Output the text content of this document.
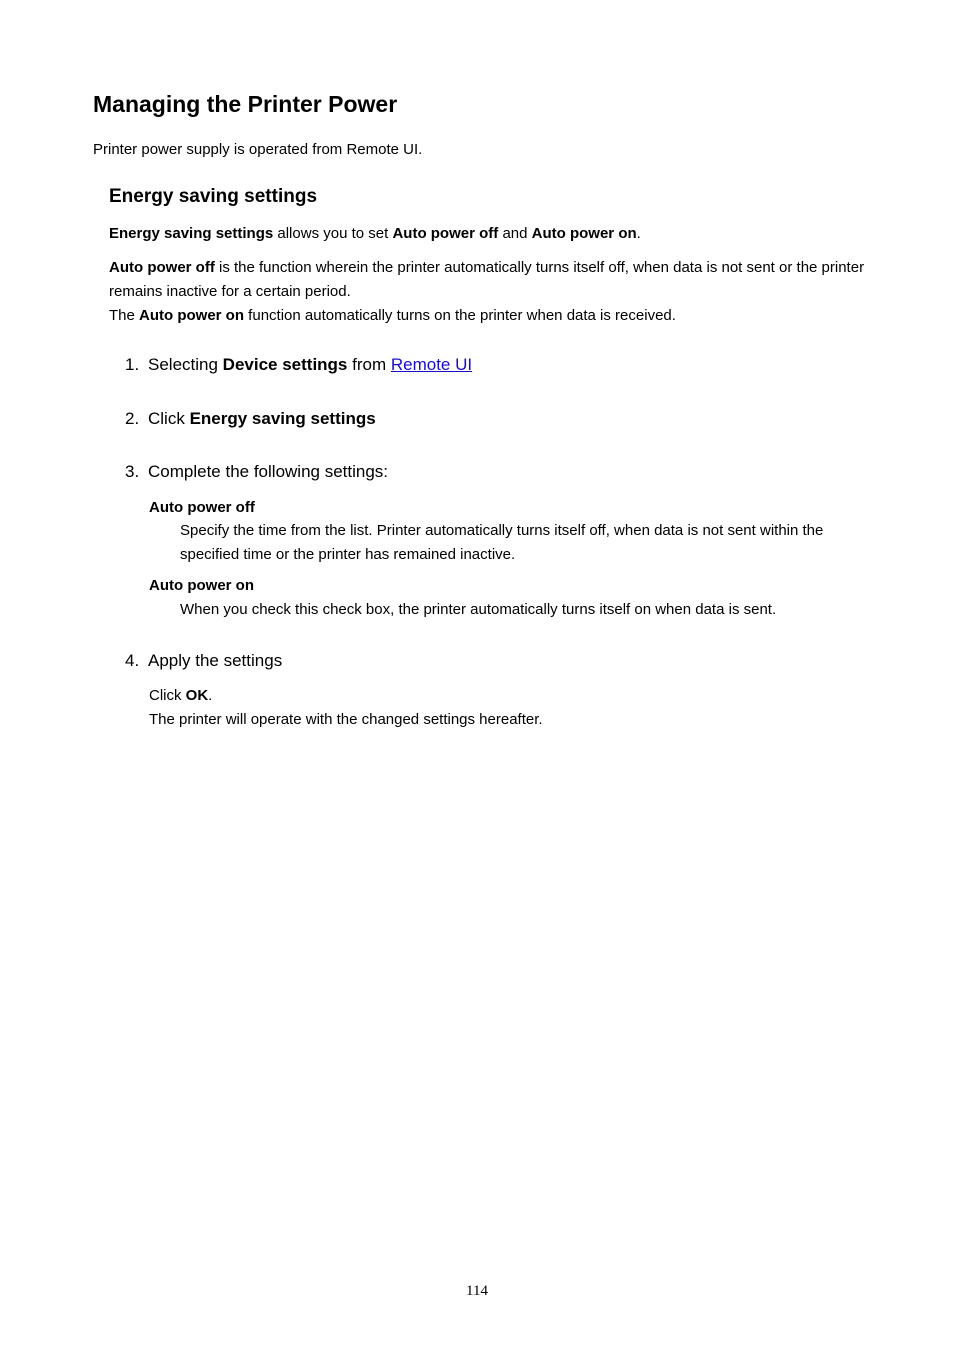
Managing the Printer Power

Printer power supply is operated from Remote UI.

Energy saving settings

Energy saving settings allows you to set Auto power off and Auto power on.

Auto power off is the function wherein the printer automatically turns itself off, when data is not sent or the printer remains inactive for a certain period.
The Auto power on function automatically turns on the printer when data is received.

1. Selecting Device settings from Remote UI

2. Click Energy saving settings

3. Complete the following settings:

Auto power off

Specify the time from the list. Printer automatically turns itself off, when data is not sent within the specified time or the printer has remained inactive.

Auto power on

When you check this check box, the printer automatically turns itself on when data is sent.

4. Apply the settings

Click OK.

The printer will operate with the changed settings hereafter.

114
